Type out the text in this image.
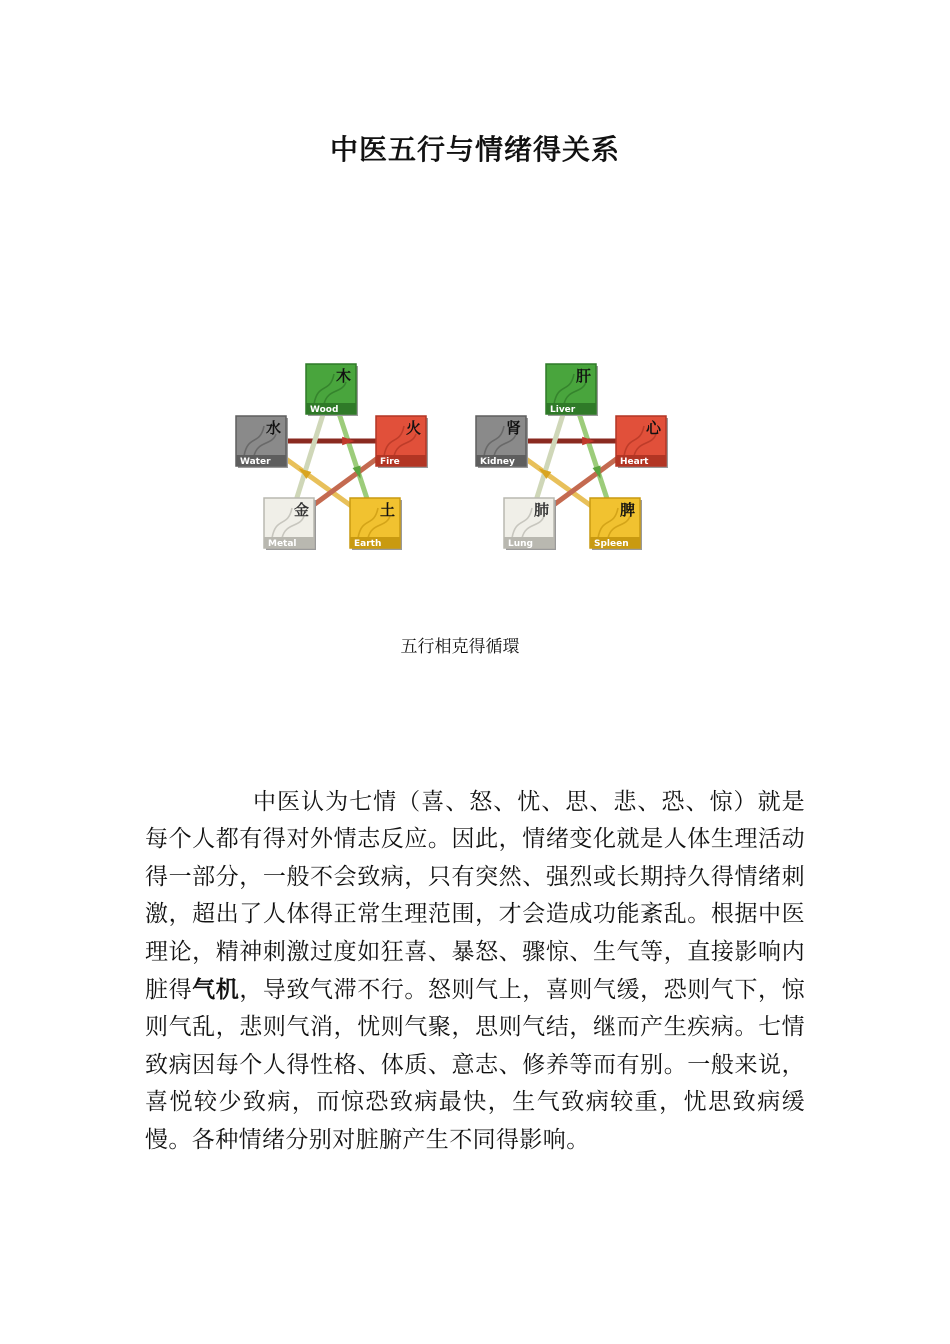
中医五行与情绪得关系
木
Wood
火
Fire
土
Earth
金
Metal
水
Water
肝
Liver
心
Heart
脾
Spleen
肺
Lung
肾
Kidney
五行相克得循環

中医认为七情（喜、怒、忧、思、悲、恐、惊）就是每个人都有得对外情志反应。因此，情绪变化就是人体生理活动得一部分，一般不会致病，只有突然、强烈或长期持久得情绪刺激，超出了人体得正常生理范围，才会造成功能紊乱。根据中医理论，精神刺激过度如狂喜、暴怒、骤惊、生气等，直接影响内脏得气机，导致气滞不行。怒则气上，喜则气缓，恐则气下，惊则气乱，悲则气消，忧则气聚，思则气结，继而产生疾病。七情致病因每个人得性格、体质、意志、修养等而有别。一般来说，喜悦较少致病，而惊恐致病最快，生气致病较重，忧思致病缓慢。各种情绪分别对脏腑产生不同得影响。
